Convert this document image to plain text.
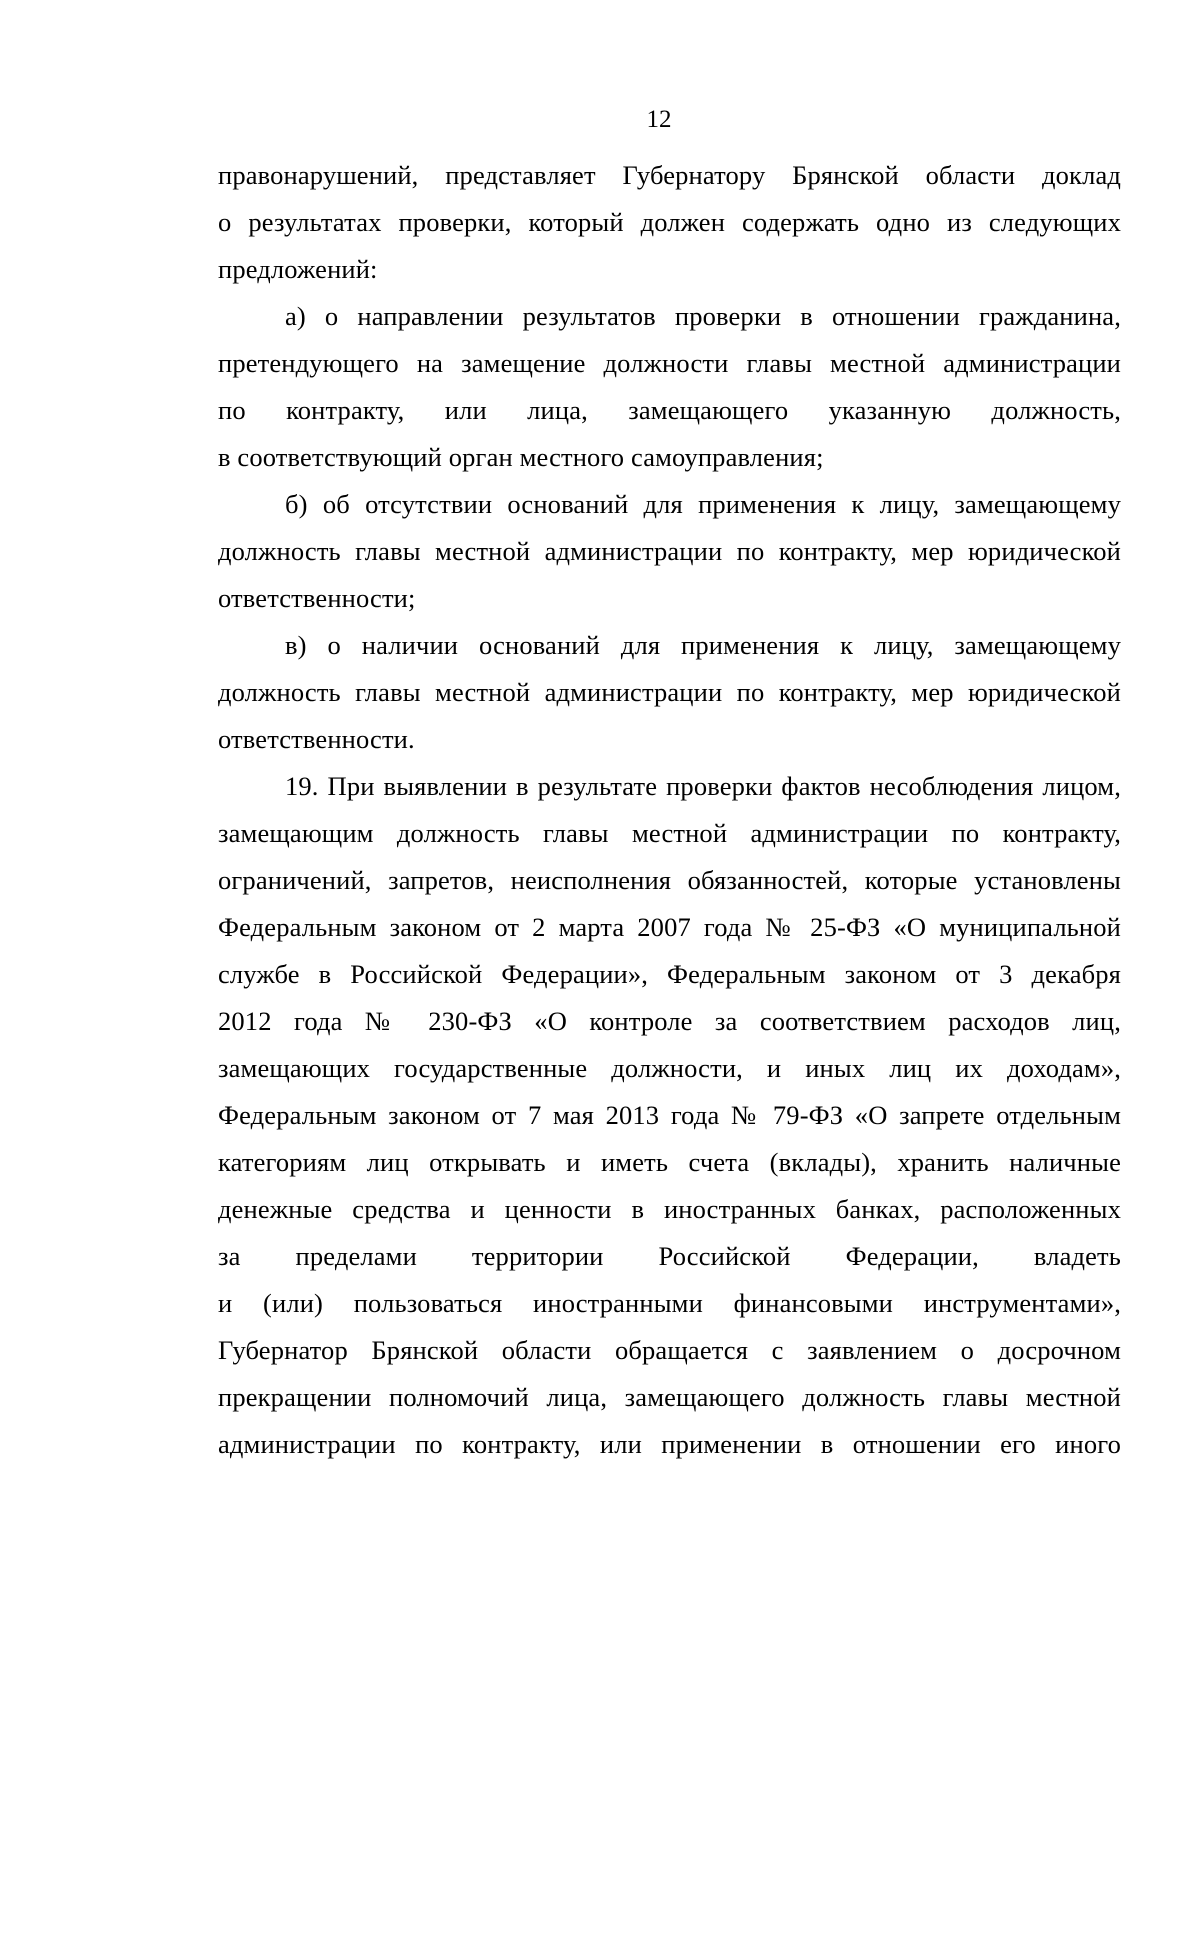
12

правонарушений, представляет Губернатору Брянской области доклад
о результатах проверки, который должен содержать одно из следующих
предложений:

а) о направлении результатов проверки в отношении гражданина,
претендующего на замещение должности главы местной администрации
по контракту, или лица, замещающего указанную должность,
в соответствующий орган местного самоуправления;

б) об отсутствии оснований для применения к лицу, замещающему
должность главы местной администрации по контракту, мер юридической
ответственности;

в) о наличии оснований для применения к лицу, замещающему
должность главы местной администрации по контракту, мер юридической
ответственности.

19. При выявлении в результате проверки фактов несоблюдения лицом,
замещающим должность главы местной администрации по контракту,
ограничений, запретов, неисполнения обязанностей, которые установлены
Федеральным законом от 2 марта 2007 года № 25-ФЗ «О муниципальной
службе в Российской Федерации», Федеральным законом от 3 декабря
2012 года № 230-ФЗ «О контроле за соответствием расходов лиц,
замещающих государственные должности, и иных лиц их доходам»,
Федеральным законом от 7 мая 2013 года № 79-ФЗ «О запрете отдельным
категориям лиц открывать и иметь счета (вклады), хранить наличные
денежные средства и ценности в иностранных банках, расположенных
за пределами территории Российской Федерации, владеть
и (или) пользоваться иностранными финансовыми инструментами»,
Губернатор Брянской области обращается с заявлением о досрочном
прекращении полномочий лица, замещающего должность главы местной
администрации по контракту, или применении в отношении его иного
